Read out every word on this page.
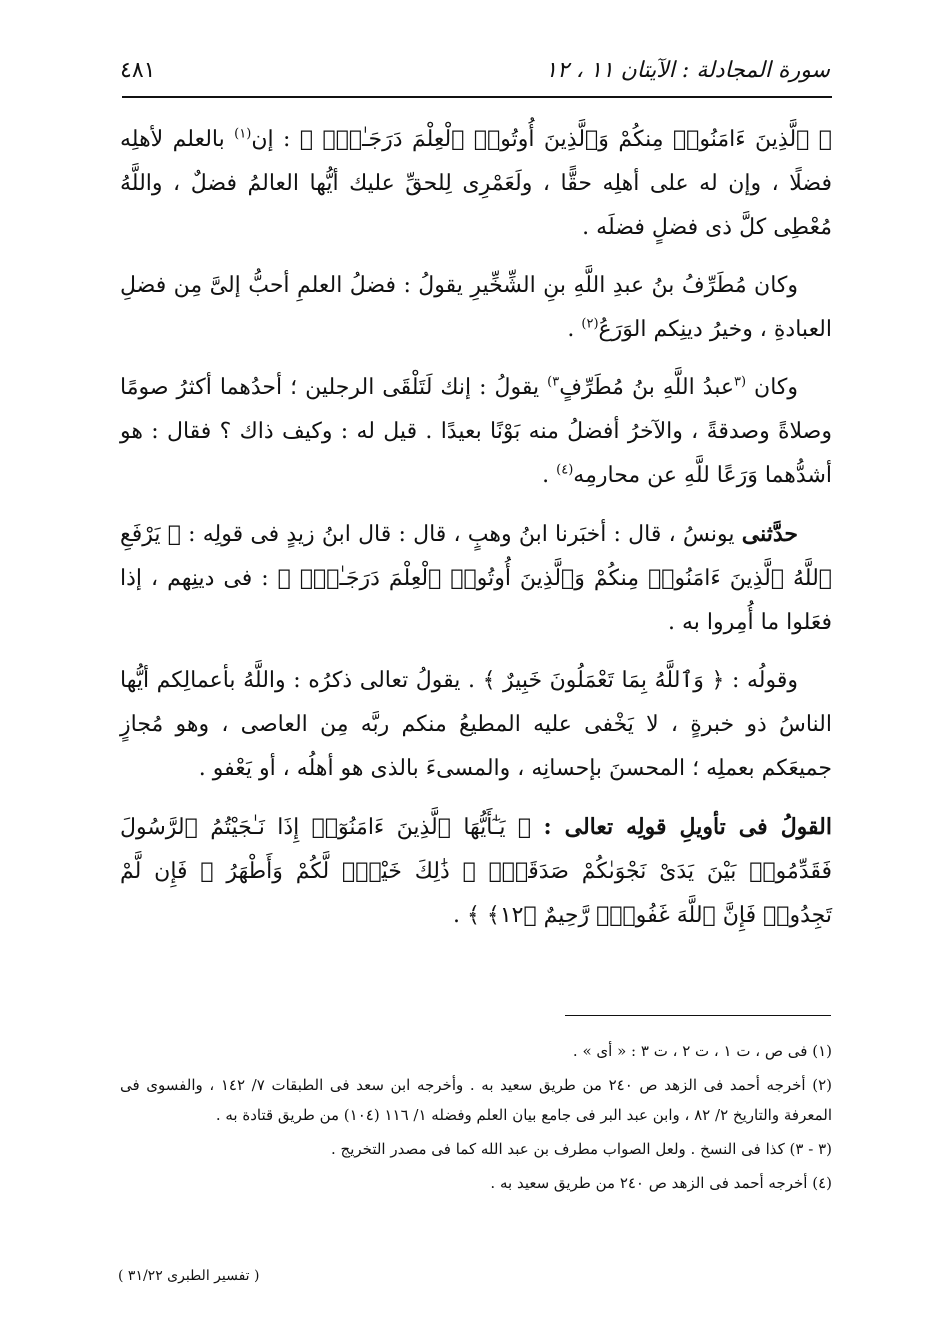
سورة المجادلة : الآيتان ١١ ، ١٢
٤٨١

﴿ ٱلَّذِينَ ءَامَنُوا۟ مِنكُمْ وَٱلَّذِينَ أُوتُوا۟ ٱلْعِلْمَ دَرَجَـٰتٍۢ ﴾ : إن$^{(١)}$ بالعلم لأهلِه فضلًا ، وإن له على أهلِه حقًّا ، ولَعَمْرِى لِلحقِّ عليك أيُّها العالمُ فضلٌ ، واللَّهُ مُعْطِى كلَّ ذى فضلٍ فضلَه .

وكان مُطَرِّفُ بنُ عبدِ اللَّهِ بنِ الشِّخِّيرِ يقولُ : فضلُ العلمِ أحبُّ إلىَّ مِن فضلِ العبادةِ ، وخيرُ دينِكم الوَرَعُ$^{(٢)}$ .

وكان $^{(٣}$عبدُ اللَّهِ بنُ مُطَرِّفٍ$^{٣)}$ يقولُ : إنك لَتَلْقَى الرجلين ؛ أحدُهما أكثرُ صومًا وصلاةً وصدقةً ، والآخرُ أفضلُ منه بَوْنًا بعيدًا . قيل له : وكيف ذاك ؟ فقال : هو أشدُّهما وَرَعًا للَّهِ عن محارمِه$^{(٤)}$ .

حدَّثنى يونسُ ، قال : أخبَرنا ابنُ وهبٍ ، قال : قال ابنُ زيدٍ فى قولِه : ﴿ يَرْفَعِ ٱللَّهُ ٱلَّذِينَ ءَامَنُوا۟ مِنكُمْ وَٱلَّذِينَ أُوتُوا۟ ٱلْعِلْمَ دَرَجَـٰتٍۢ ﴾ : فى دينِهم ، إذا فعَلوا ما أُمِروا به .

وقولُه : ﴿ وَٱللَّهُ بِمَا تَعْمَلُونَ خَبِيرٌ ﴾ . يقولُ تعالى ذكرُه : واللَّهُ بأعمالِكم أيُّها الناسُ ذو خبرةٍ ، لا يَخْفى عليه المطيعُ منكم ربَّه مِن العاصى ، وهو مُجازٍ جميعَكم بعملِه ؛ المحسنَ بإحسانِه ، والمسىءَ بالذى هو أهلُه ، أو يَعْفو .

القولُ فى تأويلِ قولِه تعالى : ﴿ يَـٰٓأَيُّهَا ٱلَّذِينَ ءَامَنُوٓا۟ إِذَا نَـٰجَيْتُمُ ٱلرَّسُولَ فَقَدِّمُوا۟ بَيْنَ يَدَىْ نَجْوَىٰكُمْ صَدَقَةًۭ ۚ ذَٰلِكَ خَيْرٌۭ لَّكُمْ وَأَطْهَرُ ۚ فَإِن لَّمْ تَجِدُوا۟ فَإِنَّ ٱللَّهَ غَفُورٌۭ رَّحِيمٌ ﴿١٢﴾ ﴾ .

(١) فى ص ، ت ١ ، ت ٢ ، ت ٣ : « أى » .

(٢) أخرجه أحمد فى الزهد ص ٢٤٠ من طريق سعيد به . وأخرجه ابن سعد فى الطبقات ٧/ ١٤٢ ، والفسوى فى المعرفة والتاريخ ٢/ ٨٢ ، وابن عبد البر فى جامع بيان العلم وفضله ١/ ١١٦ (١٠٤) من طريق قتادة به .

(٣ - ٣) كذا فى النسخ . ولعل الصواب مطرف بن عبد الله كما فى مصدر التخريج .

(٤) أخرجه أحمد فى الزهد ص ٢٤٠ من طريق سعيد به .

( تفسير الطبرى ٣١/٢٢ )
